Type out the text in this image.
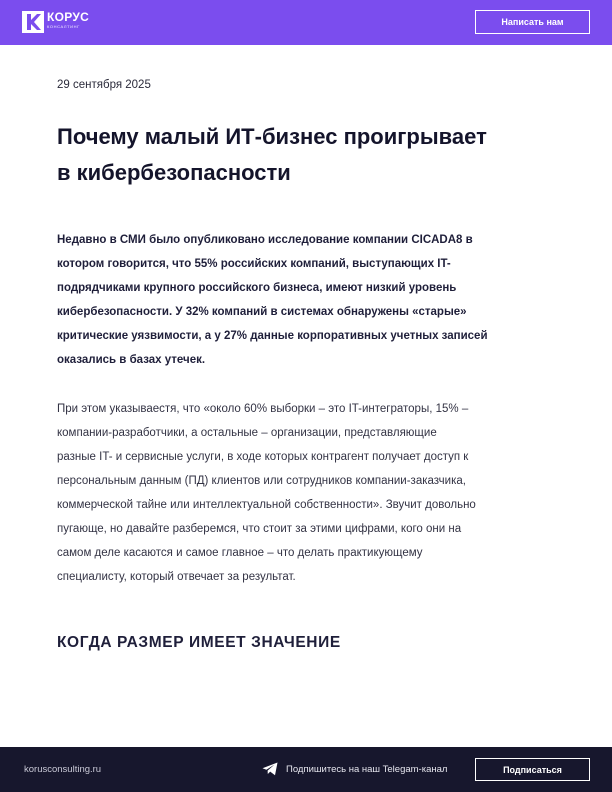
КОРУС
КОНСАЛТИНГ	Написать нам
29 сентября 2025
Почему малый ИТ-бизнес проигрывает
в кибербезопасности

Недавно в СМИ было опубликовано исследование компании CICADA8 в
котором говорится, что 55% российских компаний, выступающих IT-
подрядчиками крупного российского бизнеса, имеют низкий уровень
кибербезопасности. У 32% компаний в системах обнаружены «старые»
критические уязвимости, а у 27% данные корпоративных учетных записей
оказались в базах утечек.

При этом указываестя, что «около 60% выборки – это IT-интеграторы, 15% –
компании-разработчики, а остальные – организации, представляющие
разные IT- и сервисные услуги, в ходе которых контрагент получает доступ к
персональным данным (ПД) клиентов или сотрудников компании-заказчика,
коммерческой тайне или интеллектуальной собственности». Звучит довольно
пугающе, но давайте разберемся, что стоит за этими цифрами, кого они на
самом деле касаются и самое главное – что делать практикующему
специалисту, который отвечает за результат.

КОГДА РАЗМЕР ИМЕЕТ ЗНАЧЕНИЕ
korusconsulting.ru	Подпишитесь на наш Telegam-канал	Подписаться
